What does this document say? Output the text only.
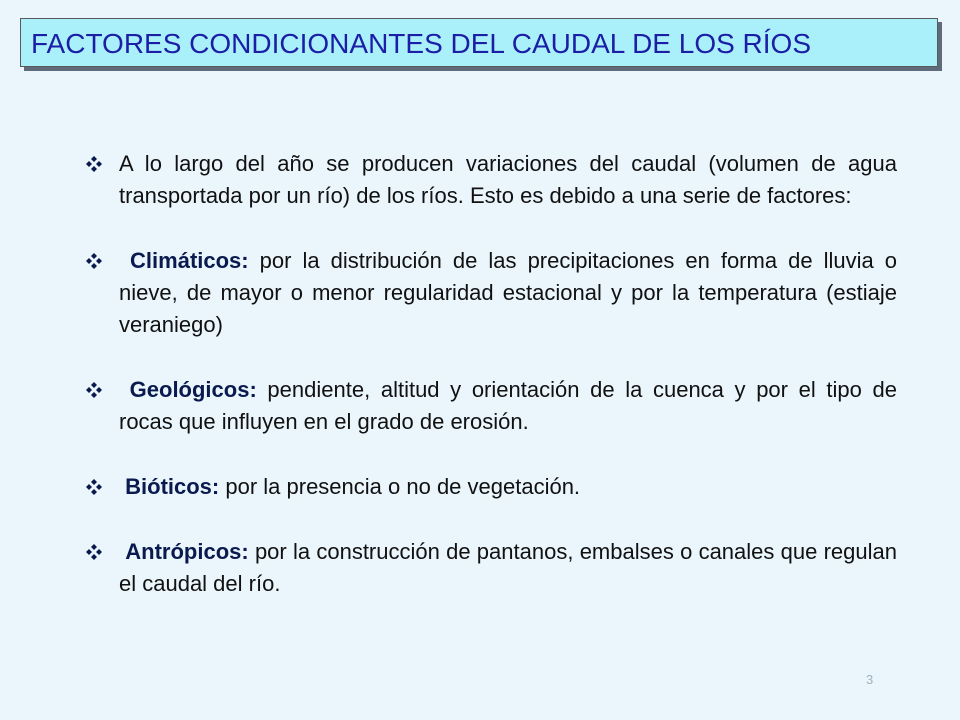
FACTORES CONDICIONANTES DEL CAUDAL DE LOS RÍOS
A lo largo del año se producen variaciones del caudal (volumen de agua transportada por un río) de los ríos. Esto es debido a una serie de factores:
Climáticos: por la distribución de las precipitaciones en forma de lluvia o nieve, de mayor o menor regularidad estacional y por la temperatura (estiaje veraniego)
Geológicos: pendiente, altitud y orientación de la cuenca y por el tipo de rocas que influyen en el grado de erosión.
Bióticos: por la presencia o no de vegetación.
Antrópicos: por la construcción de pantanos, embalses o canales que regulan el caudal del río.
3
